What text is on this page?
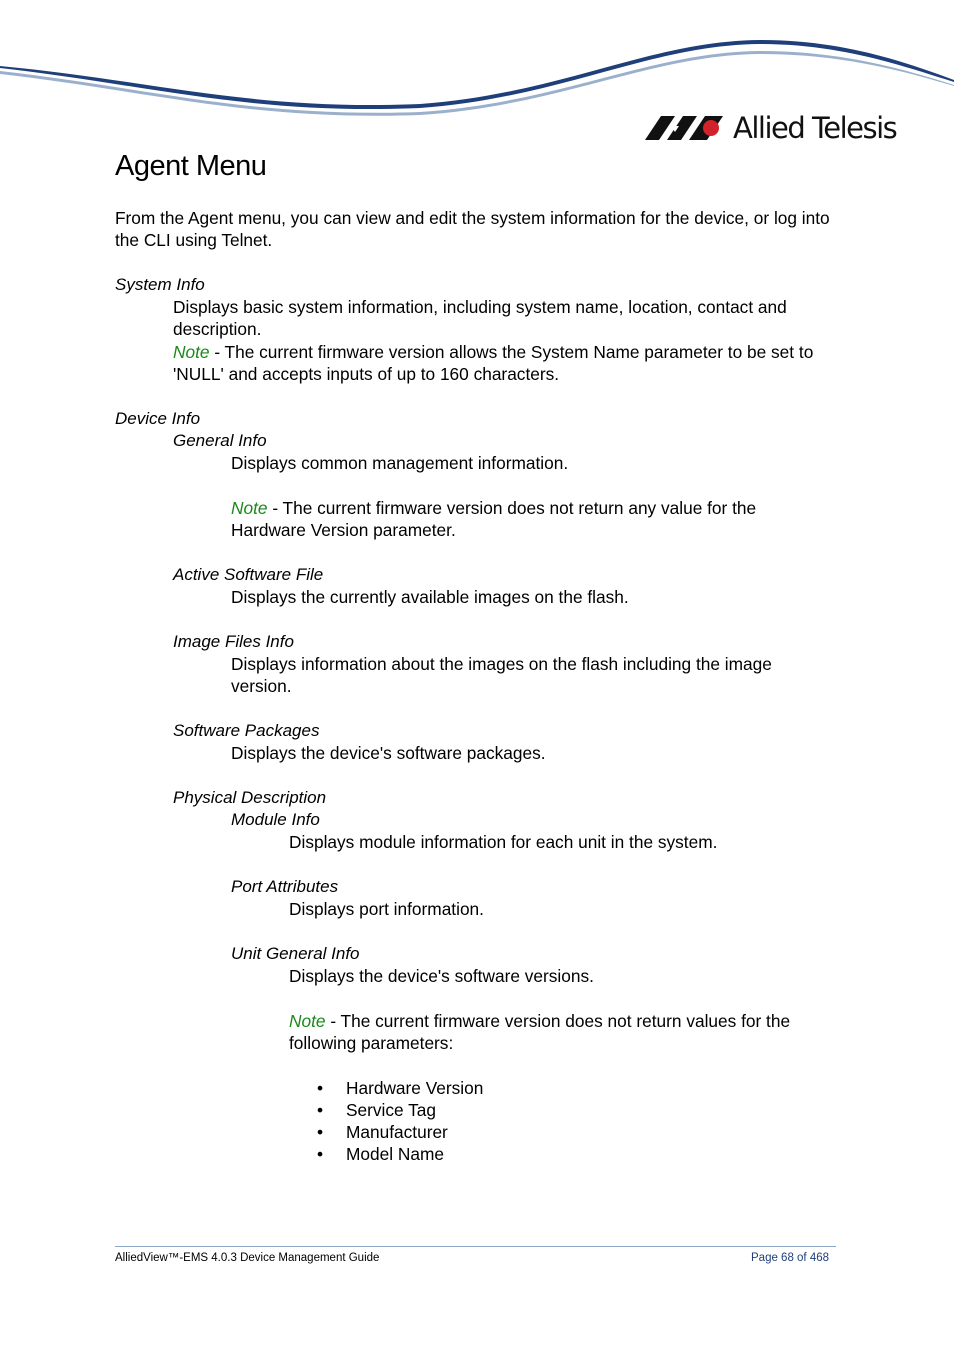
Allied Telesis
Agent Menu

From the Agent menu, you can view and edit the system information for the device, or log into the CLI using Telnet.

System Info

Displays basic system information, including system name, location, contact and description.

Note - The current firmware version allows the System Name parameter to be set to 'NULL' and accepts inputs of up to 160 characters.

Device Info

General Info

Displays common management information.

Note - The current firmware version does not return any value for the Hardware Version parameter.

Active Software File

Displays the currently available images on the flash.

Image Files Info

Displays information about the images on the flash including the image version.

Software Packages

Displays the device's software packages.

Physical Description

Module Info

Displays module information for each unit in the system.

Port Attributes

Displays port information.

Unit General Info

Displays the device's software versions.

Note - The current firmware version does not return values for the following parameters:

• Hardware Version
• Service Tag
• Manufacturer
• Model Name
AlliedView™-EMS 4.0.3 Device Management Guide	Page 68 of 468
